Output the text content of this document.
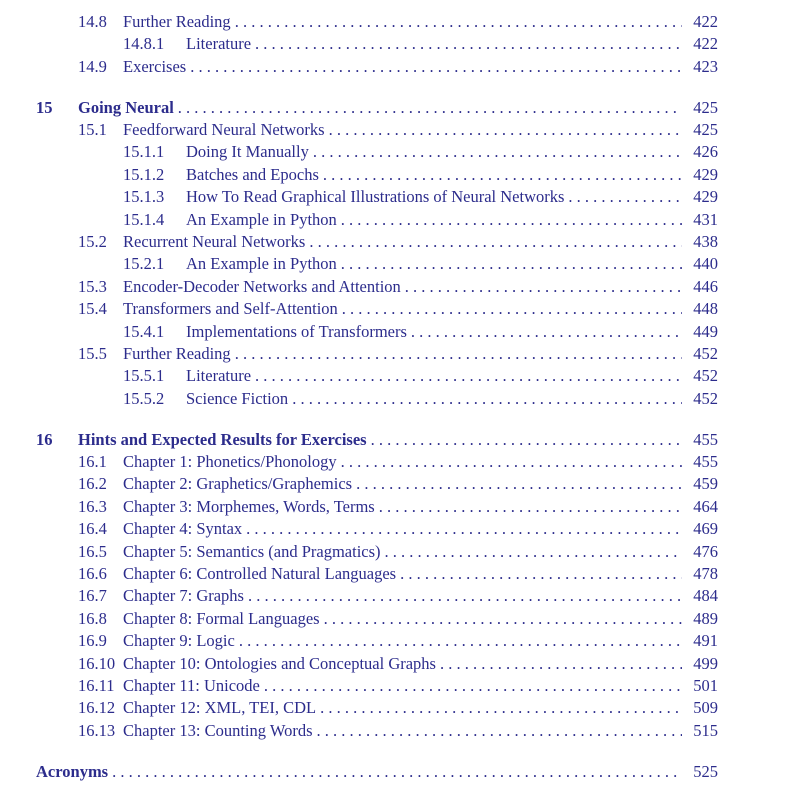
14.8 Further Reading . . .	422
14.8.1 Literature . . .	422
14.9 Exercises . . .	423
15 Going Neural . . .	425
15.1 Feedforward Neural Networks . . .	425
15.1.1 Doing It Manually . . .	426
15.1.2 Batches and Epochs . . .	429
15.1.3 How To Read Graphical Illustrations of Neural Networks . . .	429
15.1.4 An Example in Python . . .	431
15.2 Recurrent Neural Networks . . .	438
15.2.1 An Example in Python . . .	440
15.3 Encoder-Decoder Networks and Attention . . .	446
15.4 Transformers and Self-Attention . . .	448
15.4.1 Implementations of Transformers . . .	449
15.5 Further Reading . . .	452
15.5.1 Literature . . .	452
15.5.2 Science Fiction . . .	452
16 Hints and Expected Results for Exercises . . .	455
16.1 Chapter 1: Phonetics/Phonology . . .	455
16.2 Chapter 2: Graphetics/Graphemics . . .	459
16.3 Chapter 3: Morphemes, Words, Terms . . .	464
16.4 Chapter 4: Syntax . . .	469
16.5 Chapter 5: Semantics (and Pragmatics) . . .	476
16.6 Chapter 6: Controlled Natural Languages . . .	478
16.7 Chapter 7: Graphs . . .	484
16.8 Chapter 8: Formal Languages . . .	489
16.9 Chapter 9: Logic . . .	491
16.10 Chapter 10: Ontologies and Conceptual Graphs . . .	499
16.11 Chapter 11: Unicode . . .	501
16.12 Chapter 12: XML, TEI, CDL . . .	509
16.13 Chapter 13: Counting Words . . .	515
Acronyms . . .	525
